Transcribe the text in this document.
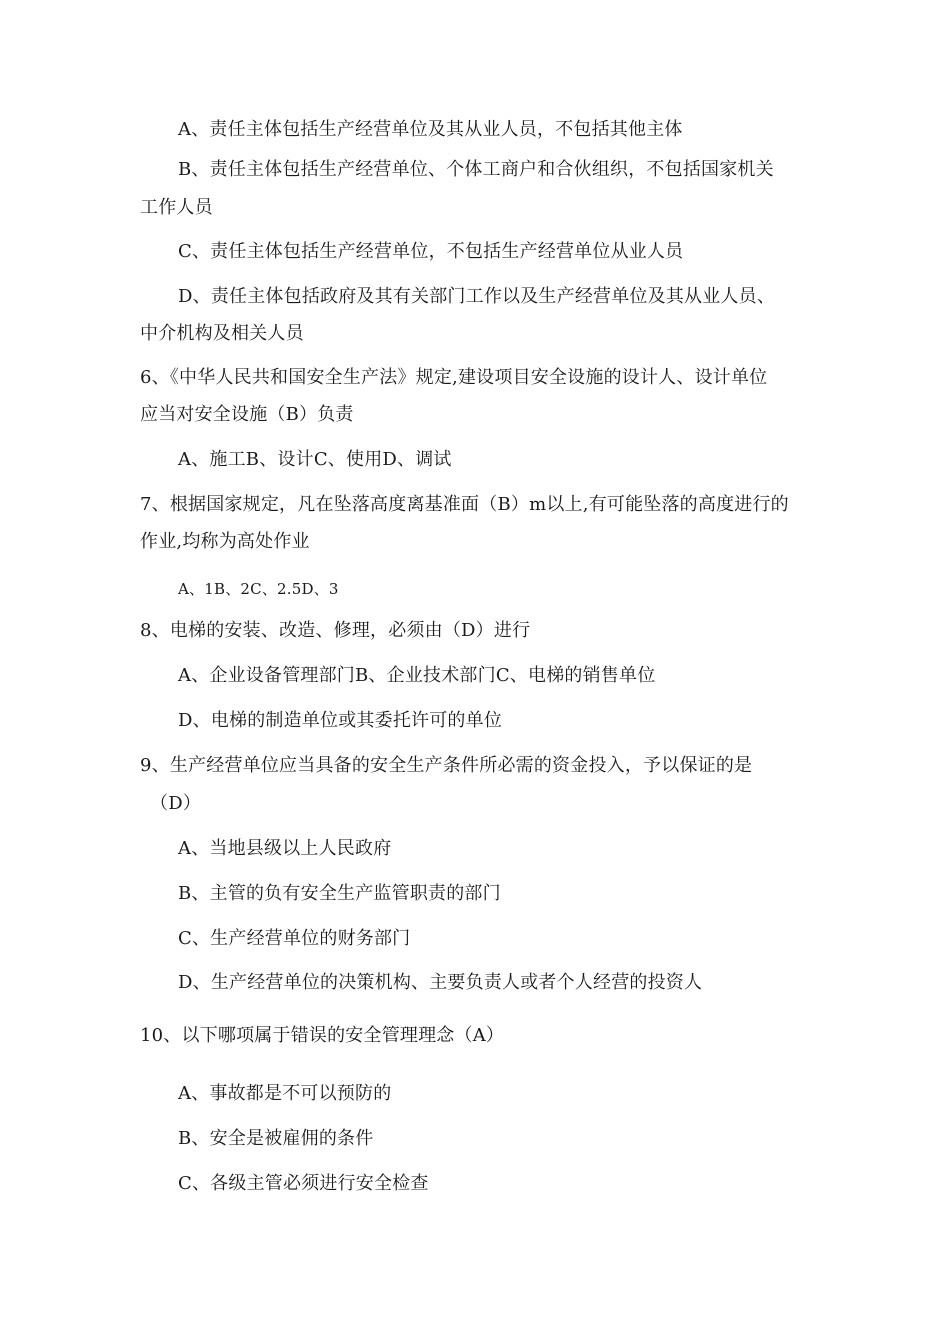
A、责任主体包括生产经营单位及其从业人员，不包括其他主体
B、责任主体包括生产经营单位、个体工商户和合伙组织，不包括国家机关
工作人员
C、责任主体包括生产经营单位，不包括生产经营单位从业人员
D、责任主体包括政府及其有关部门工作以及生产经营单位及其从业人员、
中介机构及相关人员
6、《中华人民共和国安全生产法》规定,建设项目安全设施的设计人、设计单位
应当对安全设施（B）负责
A、施工B、设计C、使用D、调试
7、根据国家规定，凡在坠落高度离基准面（B）m以上,有可能坠落的高度进行的
作业,均称为高处作业
A、1B、2C、2.5D、3
8、电梯的安装、改造、修理，必须由（D）进行
A、企业设备管理部门B、企业技术部门C、电梯的销售单位
D、电梯的制造单位或其委托许可的单位
9、生产经营单位应当具备的安全生产条件所必需的资金投入，予以保证的是
（D）
A、当地县级以上人民政府
B、主管的负有安全生产监管职责的部门
C、生产经营单位的财务部门
D、生产经营单位的决策机构、主要负责人或者个人经营的投资人
10、以下哪项属于错误的安全管理理念（A）
A、事故都是不可以预防的
B、安全是被雇佣的条件
C、各级主管必须进行安全检查
